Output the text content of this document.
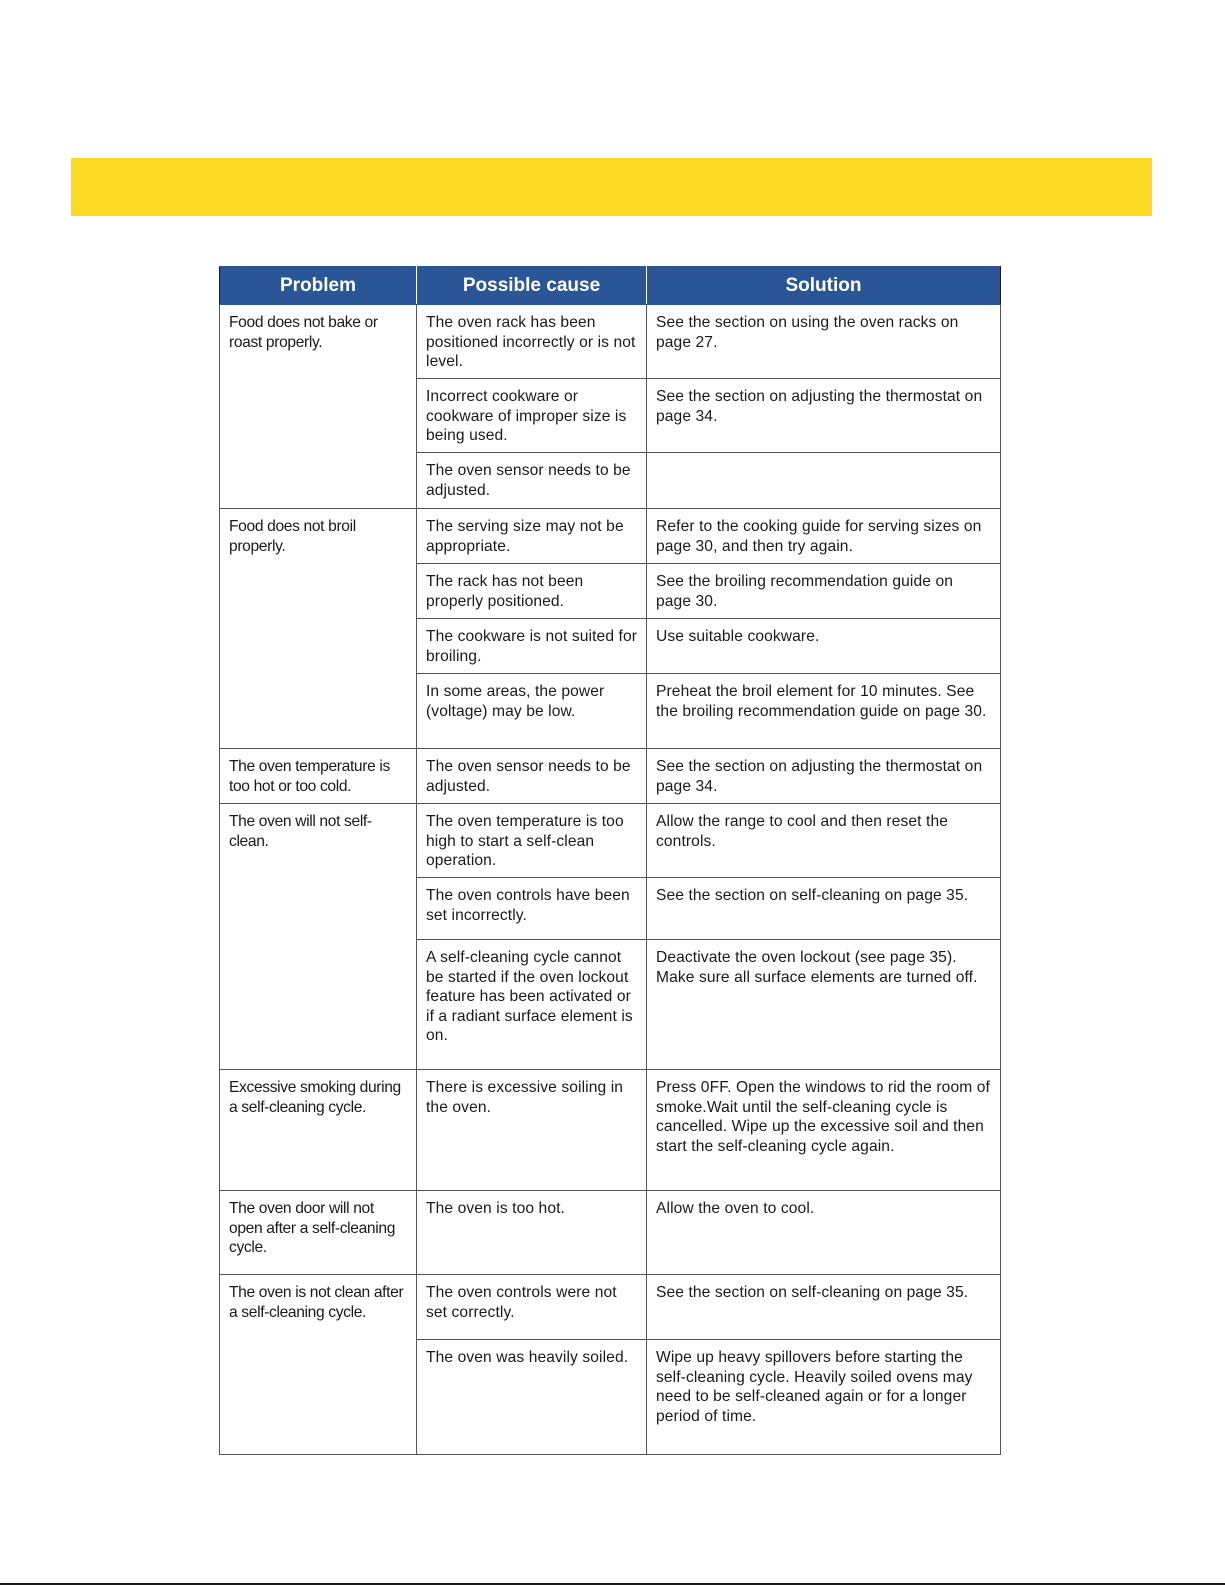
Problem	Possible cause	Solution
Food does not bake or roast properly.	The oven rack has been positioned incorrectly or is not level.	See the section on using the oven racks on page 27.
	Incorrect cookware or cookware of improper size is being used.	See the section on adjusting the thermostat on page 34.
	The oven sensor needs to be adjusted.	
Food does not broil properly.	The serving size may not be appropriate.	Refer to the cooking guide for serving sizes on page 30, and then try again.
	The rack has not been properly positioned.	See the broiling recommendation guide on page 30.
	The cookware is not suited for broiling.	Use suitable cookware.
	In some areas, the power (voltage) may be low.	Preheat the broil element for 10 minutes. See the broiling recommendation guide on page 30.
The oven temperature is too hot or too cold.	The oven sensor needs to be adjusted.	See the section on adjusting the thermostat on page 34.
The oven will not self-clean.	The oven temperature is too high to start a self-clean operation.	Allow the range to cool and then reset the controls.
	The oven controls have been set incorrectly.	See the section on self-cleaning on page 35.
	A self-cleaning cycle cannot be started if the oven lockout feature has been activated or if a radiant surface element is on.	Deactivate the oven lockout (see page 35). Make sure all surface elements are turned off.
Excessive smoking during a self-cleaning cycle.	There is excessive soiling in the oven.	Press 0FF. Open the windows to rid the room of smoke.Wait until the self-cleaning cycle is cancelled. Wipe up the excessive soil and then start the self-cleaning cycle again.
The oven door will not open after a self-cleaning cycle.	The oven is too hot.	Allow the oven to cool.
The oven is not clean after a self-cleaning cycle.	The oven controls were not set correctly.	See the section on self-cleaning on page 35.
	The oven was heavily soiled.	Wipe up heavy spillovers before starting the self-cleaning cycle. Heavily soiled ovens may need to be self-cleaned again or for a longer period of time.
